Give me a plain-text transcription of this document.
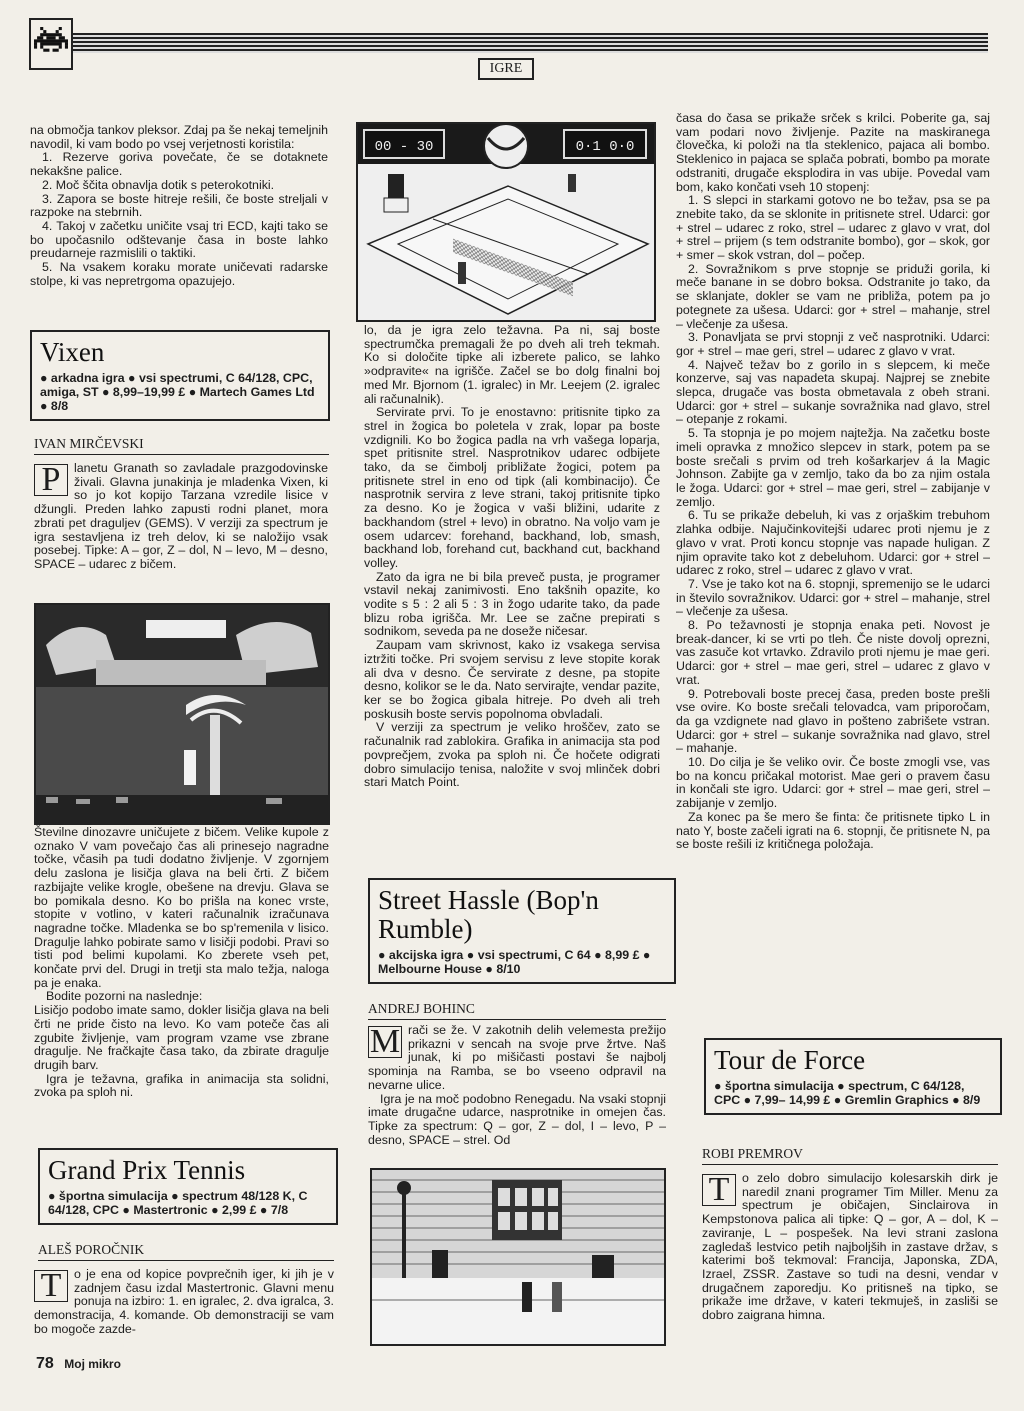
IGRE

na območja tankov pleksor. Zdaj pa še nekaj temeljnih navodil, ki vam bodo po vsej verjetnosti koristila:

1. Rezerve goriva povečate, če se dotaknete nekakšne palice.

2. Moč ščita obnavlja dotik s peterokotniki.

3. Zapora se boste hitreje rešili, če boste streljali v razpoke na stebrnih.

4. Takoj v začetku uničite vsaj tri ECD, kajti tako se bo upočasnilo odštevanje časa in boste lahko preudarneje razmislili o taktiki.

5. Na vsakem koraku morate uničevati radarske stolpe, ki vas nepretrgoma opazujejo.

Vixen
● arkadna igra ● vsi spectrumi, C 64/128, CPC, amiga, ST ● 8,99–19,99 £ ● Martech Games Ltd ● 8/8
IVAN MIRČEVSKI
P	lanetu Granath so zavladale prazgodovinske živali. Glavna junakinja je mladenka Vixen, ki so jo kot kopijo Tarzana vzredile lisice v džungli. Preden lahko zapusti rodni planet, mora zbrati pet draguljev (GEMS). V verziji za spectrum je igra sestavljena iz treh delov, ki se naložijo vsak posebej. Tipke: A – gor, Z – dol, N – levo, M – desno, SPACE – udarec z bičem.

Številne dinozavre uničujete z bičem. Velike kupole z oznako V vam povečajo čas ali prinesejo nagradne točke, včasih pa tudi dodatno življenje. V zgornjem delu zaslona je lisičja glava na beli črti. Z bičem razbijajte velike krogle, obešene na drevju. Glava se bo pomikala desno. Ko bo prišla na konec vrste, stopite v votlino, v kateri računalnik izračunava nagradne točke. Mladenka se bo sp'remenila v lisico. Dragulje lahko pobirate samo v lisičji podobi. Pravi so tisti pod belimi kupolami. Ko zberete vseh pet, končate prvi del. Drugi in tretji sta malo težja, naloga pa je enaka.

Bodite pozorni na naslednje:

Lisičjo podobo imate samo, dokler lisičja glava na beli črti ne pride čisto na levo. Ko vam poteče čas ali zgubite življenje, vam program vzame vse zbrane dragulje. Ne fračkajte časa tako, da zbirate dragulje drugih barv.

Igra je težavna, grafika in animacija sta solidni, zvoka pa sploh ni.

Grand Prix Tennis
● športna simulacija ● spectrum 48/128 K, C 64/128, CPC ● Mastertronic ● 2,99 £ ● 7/8
ALEŠ POROČNIK
T	o je ena od kopice povprečnih iger, ki jih je v zadnjem času izdal Mastertronic. Glavni menu ponuja na izbiro: 1. en igralec, 2. dva igralca, 3. demonstracija, 4. komande. Ob demonstraciji se vam bo mogoče zazde-
78 Moj mikro
00 - 30	0·1 0·0

lo, da je igra zelo težavna. Pa ni, saj boste spectrumčka premagali že po dveh ali treh tekmah. Ko si določite tipke ali izberete palico, se lahko »odpravite« na igrišče. Začel se bo dolg finalni boj med Mr. Bjornom (1. igralec) in Mr. Leejem (2. igralec ali računalnik).

Servirate prvi. To je enostavno: pritisnite tipko za strel in žogica bo poletela v zrak, lopar pa boste vzdignili. Ko bo žogica padla na vrh vašega loparja, spet pritisnite strel. Nasprotnikov udarec odbijete tako, da se čimbolj približate žogici, potem pa pritisnete strel in eno od tipk (ali kombinacijo). Če nasprotnik servira z leve strani, takoj pritisnite tipko za desno. Ko je žogica v vaši bližini, udarite z backhandom (strel + levo) in obratno. Na voljo vam je osem udarcev: forehand, backhand, lob, smash, backhand lob, forehand cut, backhand cut, backhand volley.

Zato da igra ne bi bila preveč pusta, je programer vstavil nekaj zanimivosti. Eno takšnih opazite, ko vodite s 5 : 2 ali 5 : 3 in žogo udarite tako, da pade blizu roba igrišča. Mr. Lee se začne prepirati s sodnikom, seveda pa ne doseže ničesar.

Zaupam vam skrivnost, kako iz vsakega servisa iztržiti točke. Pri svojem servisu z leve stopite korak ali dva v desno. Če servirate z desne, pa stopite desno, kolikor se le da. Nato servirajte, vendar pazite, ker se bo žogica gibala hitreje. Po dveh ali treh poskusih boste servis popolnoma obvladali.

V verziji za spectrum je veliko hroščev, zato se računalnik rad zablokira. Grafika in animacija sta pod povprečjem, zvoka pa sploh ni. Če hočete odigrati dobro simulacijo tenisa, naložite v svoj mlinček dobri stari Match Point.

Street Hassle (Bop'n Rumble)
● akcijska igra ● vsi spectrumi, C 64 ● 8,99 £ ● Melbourne House ● 8/10
ANDREJ BOHINC
M rači se že. V zakotnih delih velemesta prežijo prikazni v sencah na svoje prve žrtve. Naš junak, ki po mišičasti postavi še najbolj spominja na Ramba, se bo vseeno odpravil na nevarne ulice.

Igra je na moč podobno Renegadu. Na vsaki stopnji imate drugačne udarce, nasprotnike in omejen čas. Tipke za spectrum: Q – gor, Z – dol, I – levo, P – desno, SPACE – strel. Od

časa do časa se prikaže srček s krilci. Poberite ga, saj vam podari novo življenje. Pazite na maskiranega človečka, ki položi na tla steklenico, pajaca ali bombo. Steklenico in pajaca se splača pobrati, bombo pa morate odstraniti, drugače eksplodira in vas ubije. Povedal vam bom, kako končati vseh 10 stopenj:

1. S slepci in starkami gotovo ne bo težav, psa se pa znebite tako, da se sklonite in pritisnete strel. Udarci: gor + strel – udarec z roko, strel – udarec z glavo v vrat, dol + strel – prijem (s tem odstranite bombo), gor – skok, gor + smer – skok vstran, dol – počep.

2. Sovražnikom s prve stopnje se priduži gorila, ki meče banane in se dobro boksa. Odstranite jo tako, da se sklanjate, dokler se vam ne približa, potem pa jo potegnete za ušesa. Udarci: gor + strel – mahanje, strel – vlečenje za ušesa.

3. Ponavljata se prvi stopnji z več nasprotniki. Udarci: gor + strel – mae geri, strel – udarec z glavo v vrat.

4. Največ težav bo z gorilo in s slepcem, ki meče konzerve, saj vas napadeta skupaj. Najprej se znebite slepca, drugače vas bosta obmetavala z obeh strani. Udarci: gor + strel – sukanje sovražnika nad glavo, strel – otepanje z rokami.

5. Ta stopnja je po mojem najtežja. Na začetku boste imeli opravka z množico slepcev in stark, potem pa se boste srečali s prvim od treh košarkarjev á la Magic Johnson. Zabijte ga v zemljo, tako da bo za njim ostala le žoga. Udarci: gor + strel – mae geri, strel – zabijanje v zemljo.

6. Tu se prikaže debeluh, ki vas z orjaškim trebuhom zlahka odbije. Najučinkovitejši udarec proti njemu je z glavo v vrat. Proti koncu stopnje vas napade huligan. Z njim opravite tako kot z debeluhom. Udarci: gor + strel – udarec z roko, strel – udarec z glavo v vrat.

7. Vse je tako kot na 6. stopnji, spremenijo se le udarci in število sovražnikov. Udarci: gor + strel – mahanje, strel – vlečenje za ušesa.

8. Po težavnosti je stopnja enaka peti. Novost je break-dancer, ki se vrti po tleh. Če niste dovolj oprezni, vas zasuče kot vrtavko. Zdravilo proti njemu je mae geri. Udarci: gor + strel – mae geri, strel – udarec z glavo v vrat.

9. Potrebovali boste precej časa, preden boste prešli vse ovire. Ko boste srečali telovadca, vam priporočam, da ga vzdignete nad glavo in pošteno zabrišete vstran. Udarci: gor + strel – sukanje sovražnika nad glavo, strel – mahanje.

10. Do cilja je še veliko ovir. Če boste zmogli vse, vas bo na koncu pričakal motorist. Mae geri o pravem času in končali ste igro. Udarci: gor + strel – mae geri, strel – zabijanje v zemljo.

Za konec pa še mero še finta: če pritisnete tipko L in nato Y, boste začeli igrati na 6. stopnji, če pritisnete N, pa se boste rešili iz kritičnega položaja.

Tour de Force
● športna simulacija ● spectrum, C 64/128, CPC ● 7,99– 14,99 £ ● Gremlin Graphics ● 8/9
ROBI PREMROV
T	o zelo dobro simulacijo kolesarskih dirk je naredil znani programer Tim Miller. Menu za spectrum je običajen, Sinclairova in Kempstonova palica ali tipke: Q – gor, A – dol, K – zaviranje, L – pospešek. Na levi strani zaslona zagledaš lestvico petih najboljših in zastave držav, s katerimi boš tekmoval: Francija, Japonska, ZDA, Izrael, ZSSR. Zastave so tudi na desni, vendar v drugačnem zaporedju. Ko pritisneš na tipko, se prikaže ime države, v kateri tekmuješ, in zasliši se dobro zaigrana himna.
